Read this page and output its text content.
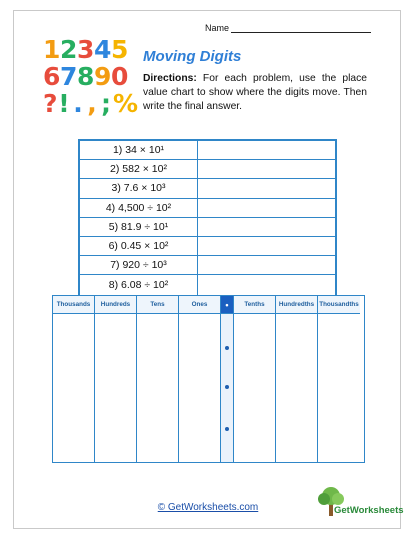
Name
1 2 3 4 5
6 7 8 9 0
? ! . , ; %
Moving Digits
Directions: For each problem, use the place value chart to show where the digits move. Then write the final answer.
1) 34 × 10¹
2) 582 × 10²
3) 7.6 × 10³
4) 4,500 ÷ 10²
5) 81.9 ÷ 10¹
6) 0.45 × 10²
7) 920 ÷ 10³
8) 6.08 ÷ 10²
Thousands	Hundreds	Tens	Ones	•	Tenths	Hundredths Thousandths
© GetWorksheets.com	GetWorksheets
